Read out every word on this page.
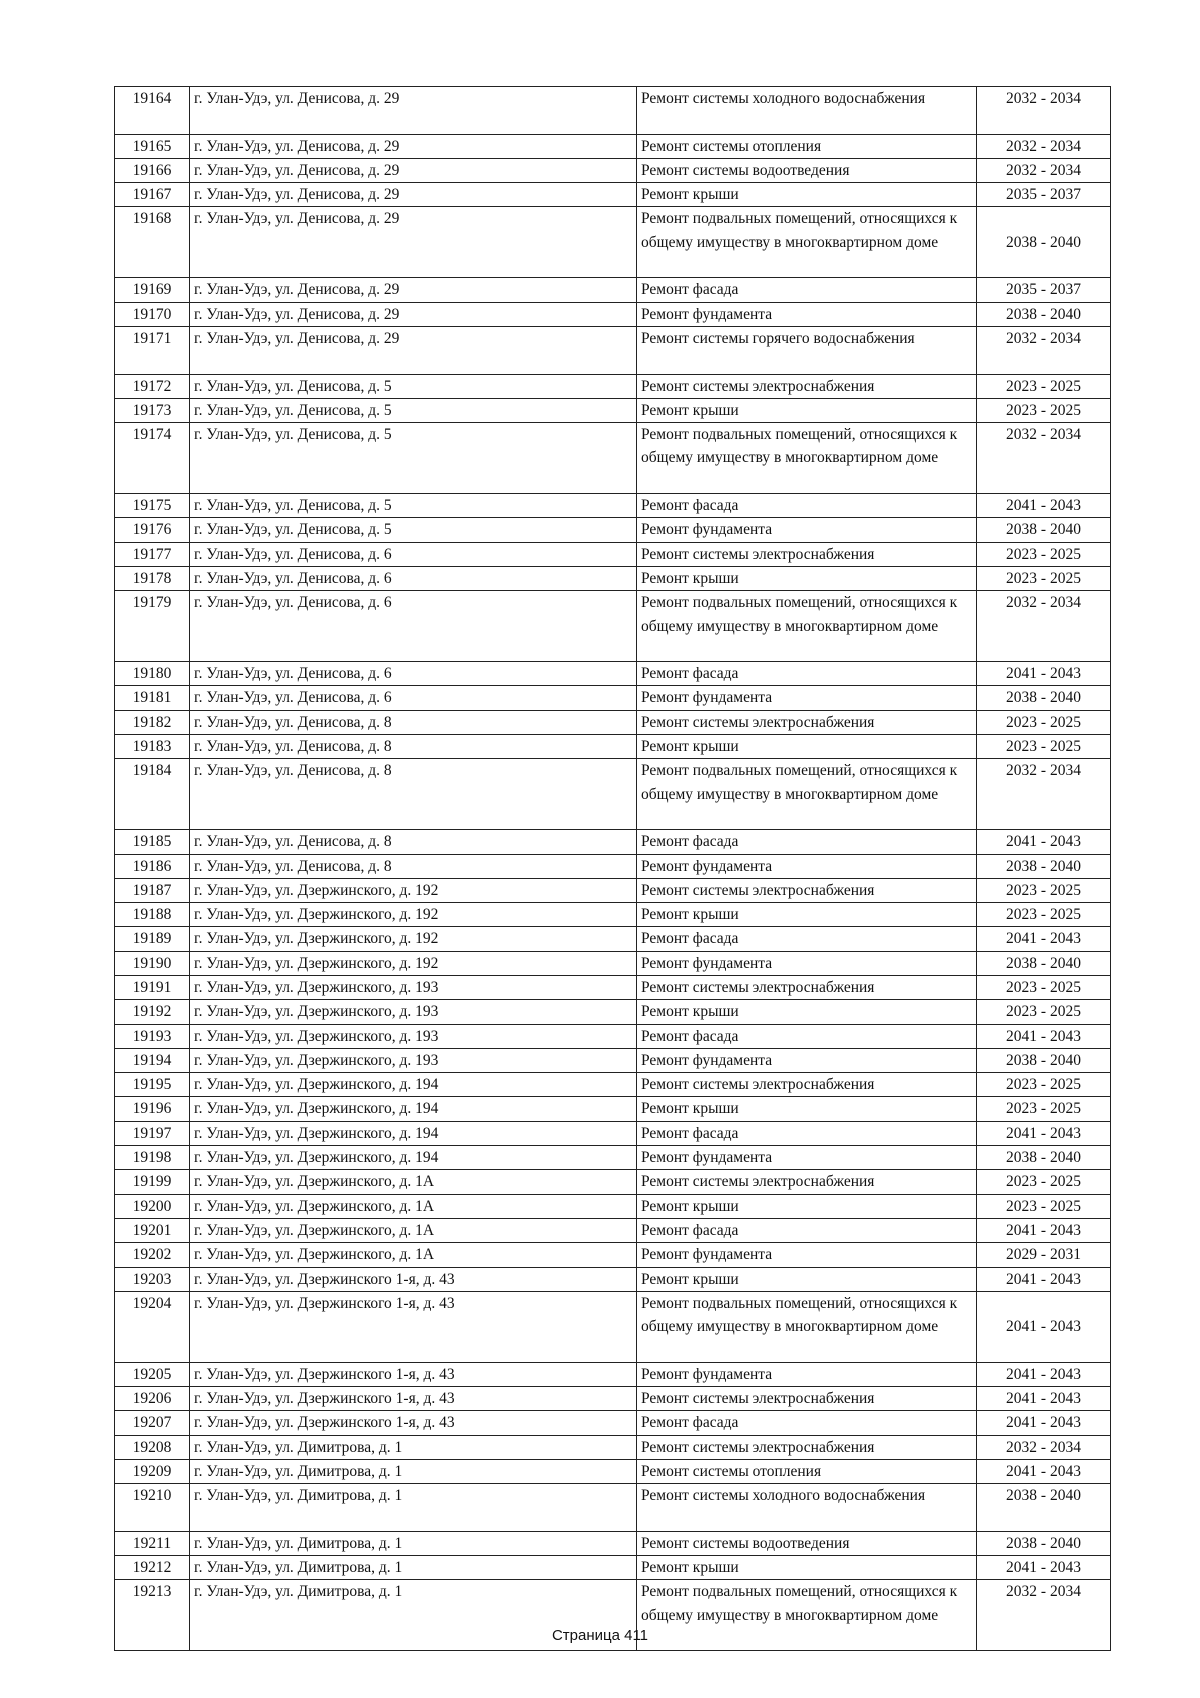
19164	г. Улан-Удэ, ул. Денисова, д. 29	Ремонт системы холодного водоснабжения	2032 - 2034
19165	г. Улан-Удэ, ул. Денисова, д. 29	Ремонт системы отопления	2032 - 2034
19166	г. Улан-Удэ, ул. Денисова, д. 29	Ремонт системы водоотведения	2032 - 2034
19167	г. Улан-Удэ, ул. Денисова, д. 29	Ремонт крыши	2035 - 2037
19168	г. Улан-Удэ, ул. Денисова, д. 29	Ремонт подвальных помещений, относящихся к общему имуществу в многоквартирном доме	2038 - 2040
19169	г. Улан-Удэ, ул. Денисова, д. 29	Ремонт фасада	2035 - 2037
19170	г. Улан-Удэ, ул. Денисова, д. 29	Ремонт фундамента	2038 - 2040
19171	г. Улан-Удэ, ул. Денисова, д. 29	Ремонт системы горячего водоснабжения	2032 - 2034
19172	г. Улан-Удэ, ул. Денисова, д. 5	Ремонт системы электроснабжения	2023 - 2025
19173	г. Улан-Удэ, ул. Денисова, д. 5	Ремонт крыши	2023 - 2025
19174	г. Улан-Удэ, ул. Денисова, д. 5	Ремонт подвальных помещений, относящихся к общему имуществу в многоквартирном доме	2032 - 2034
19175	г. Улан-Удэ, ул. Денисова, д. 5	Ремонт фасада	2041 - 2043
19176	г. Улан-Удэ, ул. Денисова, д. 5	Ремонт фундамента	2038 - 2040
19177	г. Улан-Удэ, ул. Денисова, д. 6	Ремонт системы электроснабжения	2023 - 2025
19178	г. Улан-Удэ, ул. Денисова, д. 6	Ремонт крыши	2023 - 2025
19179	г. Улан-Удэ, ул. Денисова, д. 6	Ремонт подвальных помещений, относящихся к общему имуществу в многоквартирном доме	2032 - 2034
19180	г. Улан-Удэ, ул. Денисова, д. 6	Ремонт фасада	2041 - 2043
19181	г. Улан-Удэ, ул. Денисова, д. 6	Ремонт фундамента	2038 - 2040
19182	г. Улан-Удэ, ул. Денисова, д. 8	Ремонт системы электроснабжения	2023 - 2025
19183	г. Улан-Удэ, ул. Денисова, д. 8	Ремонт крыши	2023 - 2025
19184	г. Улан-Удэ, ул. Денисова, д. 8	Ремонт подвальных помещений, относящихся к общему имуществу в многоквартирном доме	2032 - 2034
19185	г. Улан-Удэ, ул. Денисова, д. 8	Ремонт фасада	2041 - 2043
19186	г. Улан-Удэ, ул. Денисова, д. 8	Ремонт фундамента	2038 - 2040
19187	г. Улан-Удэ, ул. Дзержинского, д. 192	Ремонт системы электроснабжения	2023 - 2025
19188	г. Улан-Удэ, ул. Дзержинского, д. 192	Ремонт крыши	2023 - 2025
19189	г. Улан-Удэ, ул. Дзержинского, д. 192	Ремонт фасада	2041 - 2043
19190	г. Улан-Удэ, ул. Дзержинского, д. 192	Ремонт фундамента	2038 - 2040
19191	г. Улан-Удэ, ул. Дзержинского, д. 193	Ремонт системы электроснабжения	2023 - 2025
19192	г. Улан-Удэ, ул. Дзержинского, д. 193	Ремонт крыши	2023 - 2025
19193	г. Улан-Удэ, ул. Дзержинского, д. 193	Ремонт фасада	2041 - 2043
19194	г. Улан-Удэ, ул. Дзержинского, д. 193	Ремонт фундамента	2038 - 2040
19195	г. Улан-Удэ, ул. Дзержинского, д. 194	Ремонт системы электроснабжения	2023 - 2025
19196	г. Улан-Удэ, ул. Дзержинского, д. 194	Ремонт крыши	2023 - 2025
19197	г. Улан-Удэ, ул. Дзержинского, д. 194	Ремонт фасада	2041 - 2043
19198	г. Улан-Удэ, ул. Дзержинского, д. 194	Ремонт фундамента	2038 - 2040
19199	г. Улан-Удэ, ул. Дзержинского, д. 1А	Ремонт системы электроснабжения	2023 - 2025
19200	г. Улан-Удэ, ул. Дзержинского, д. 1А	Ремонт крыши	2023 - 2025
19201	г. Улан-Удэ, ул. Дзержинского, д. 1А	Ремонт фасада	2041 - 2043
19202	г. Улан-Удэ, ул. Дзержинского, д. 1А	Ремонт фундамента	2029 - 2031
19203	г. Улан-Удэ, ул. Дзержинского 1-я, д. 43	Ремонт крыши	2041 - 2043
19204	г. Улан-Удэ, ул. Дзержинского 1-я, д. 43	Ремонт подвальных помещений, относящихся к общему имуществу в многоквартирном доме	2041 - 2043
19205	г. Улан-Удэ, ул. Дзержинского 1-я, д. 43	Ремонт фундамента	2041 - 2043
19206	г. Улан-Удэ, ул. Дзержинского 1-я, д. 43	Ремонт системы электроснабжения	2041 - 2043
19207	г. Улан-Удэ, ул. Дзержинского 1-я, д. 43	Ремонт фасада	2041 - 2043
19208	г. Улан-Удэ, ул. Димитрова, д. 1	Ремонт системы электроснабжения	2032 - 2034
19209	г. Улан-Удэ, ул. Димитрова, д. 1	Ремонт системы отопления	2041 - 2043
19210	г. Улан-Удэ, ул. Димитрова, д. 1	Ремонт системы холодного водоснабжения	2038 - 2040
19211	г. Улан-Удэ, ул. Димитрова, д. 1	Ремонт системы водоотведения	2038 - 2040
19212	г. Улан-Удэ, ул. Димитрова, д. 1	Ремонт крыши	2041 - 2043
19213	г. Улан-Удэ, ул. Димитрова, д. 1	Ремонт подвальных помещений, относящихся к общему имуществу в многоквартирном доме	2032 - 2034
Страница 411
